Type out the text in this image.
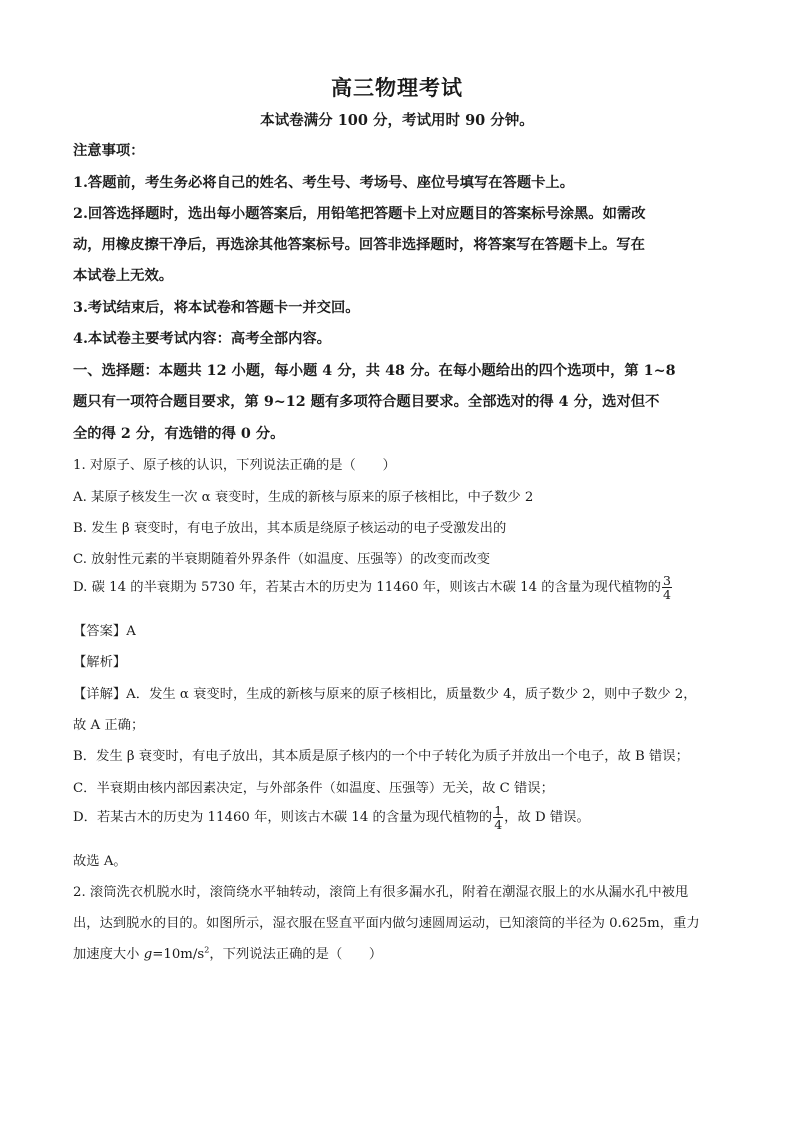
高三物理考试
本试卷满分 100 分，考试用时 90 分钟。
注意事项：
1.答题前，考生务必将自己的姓名、考生号、考场号、座位号填写在答题卡上。
2.回答选择题时，选出每小题答案后，用铅笔把答题卡上对应题目的答案标号涂黑。如需改
动，用橡皮擦干净后，再选涂其他答案标号。回答非选择题时，将答案写在答题卡上。写在
本试卷上无效。
3.考试结束后，将本试卷和答题卡一并交回。
4.本试卷主要考试内容：高考全部内容。
一、选择题：本题共 12 小题，每小题 4 分，共 48 分。在每小题给出的四个选项中，第 1~8
题只有一项符合题目要求，第 9~12 题有多项符合题目要求。全部选对的得 4 分，选对但不
全的得 2 分，有选错的得 0 分。
1. 对原子、原子核的认识，下列说法正确的是（　　）
A. 某原子核发生一次 α 衰变时，生成的新核与原来的原子核相比，中子数少 2
B. 发生 β 衰变时，有电子放出，其本质是绕原子核运动的电子受激发出的
C. 放射性元素的半衰期随着外界条件（如温度、压强等）的改变而改变
D. 碳 14 的半衰期为 5730 年，若某古木的历史为 11460 年，则该古木碳 14 的含量为现代植物的 $\frac{3}{4}$
【答案】A
【解析】
【详解】A．发生 α 衰变时，生成的新核与原来的原子核相比，质量数少 4，质子数少 2，则中子数少 2，
故 A 正确；
B．发生 β 衰变时，有电子放出，其本质是原子核内的一个中子转化为质子并放出一个电子，故 B 错误；
C．半衰期由核内部因素决定，与外部条件（如温度、压强等）无关，故 C 错误；
D．若某古木的历史为 11460 年，则该古木碳 14 的含量为现代植物的 $\frac{1}{4}$ ，故 D 错误。
故选 A。
2. 滚筒洗衣机脱水时，滚筒绕水平轴转动，滚筒上有很多漏水孔，附着在潮湿衣服上的水从漏水孔中被甩
出，达到脱水的目的。如图所示，湿衣服在竖直平面内做匀速圆周运动，已知滚筒的半径为 0.625m，重力
加速度大小 $g=10m/s^2$，下列说法正确的是（　　）
